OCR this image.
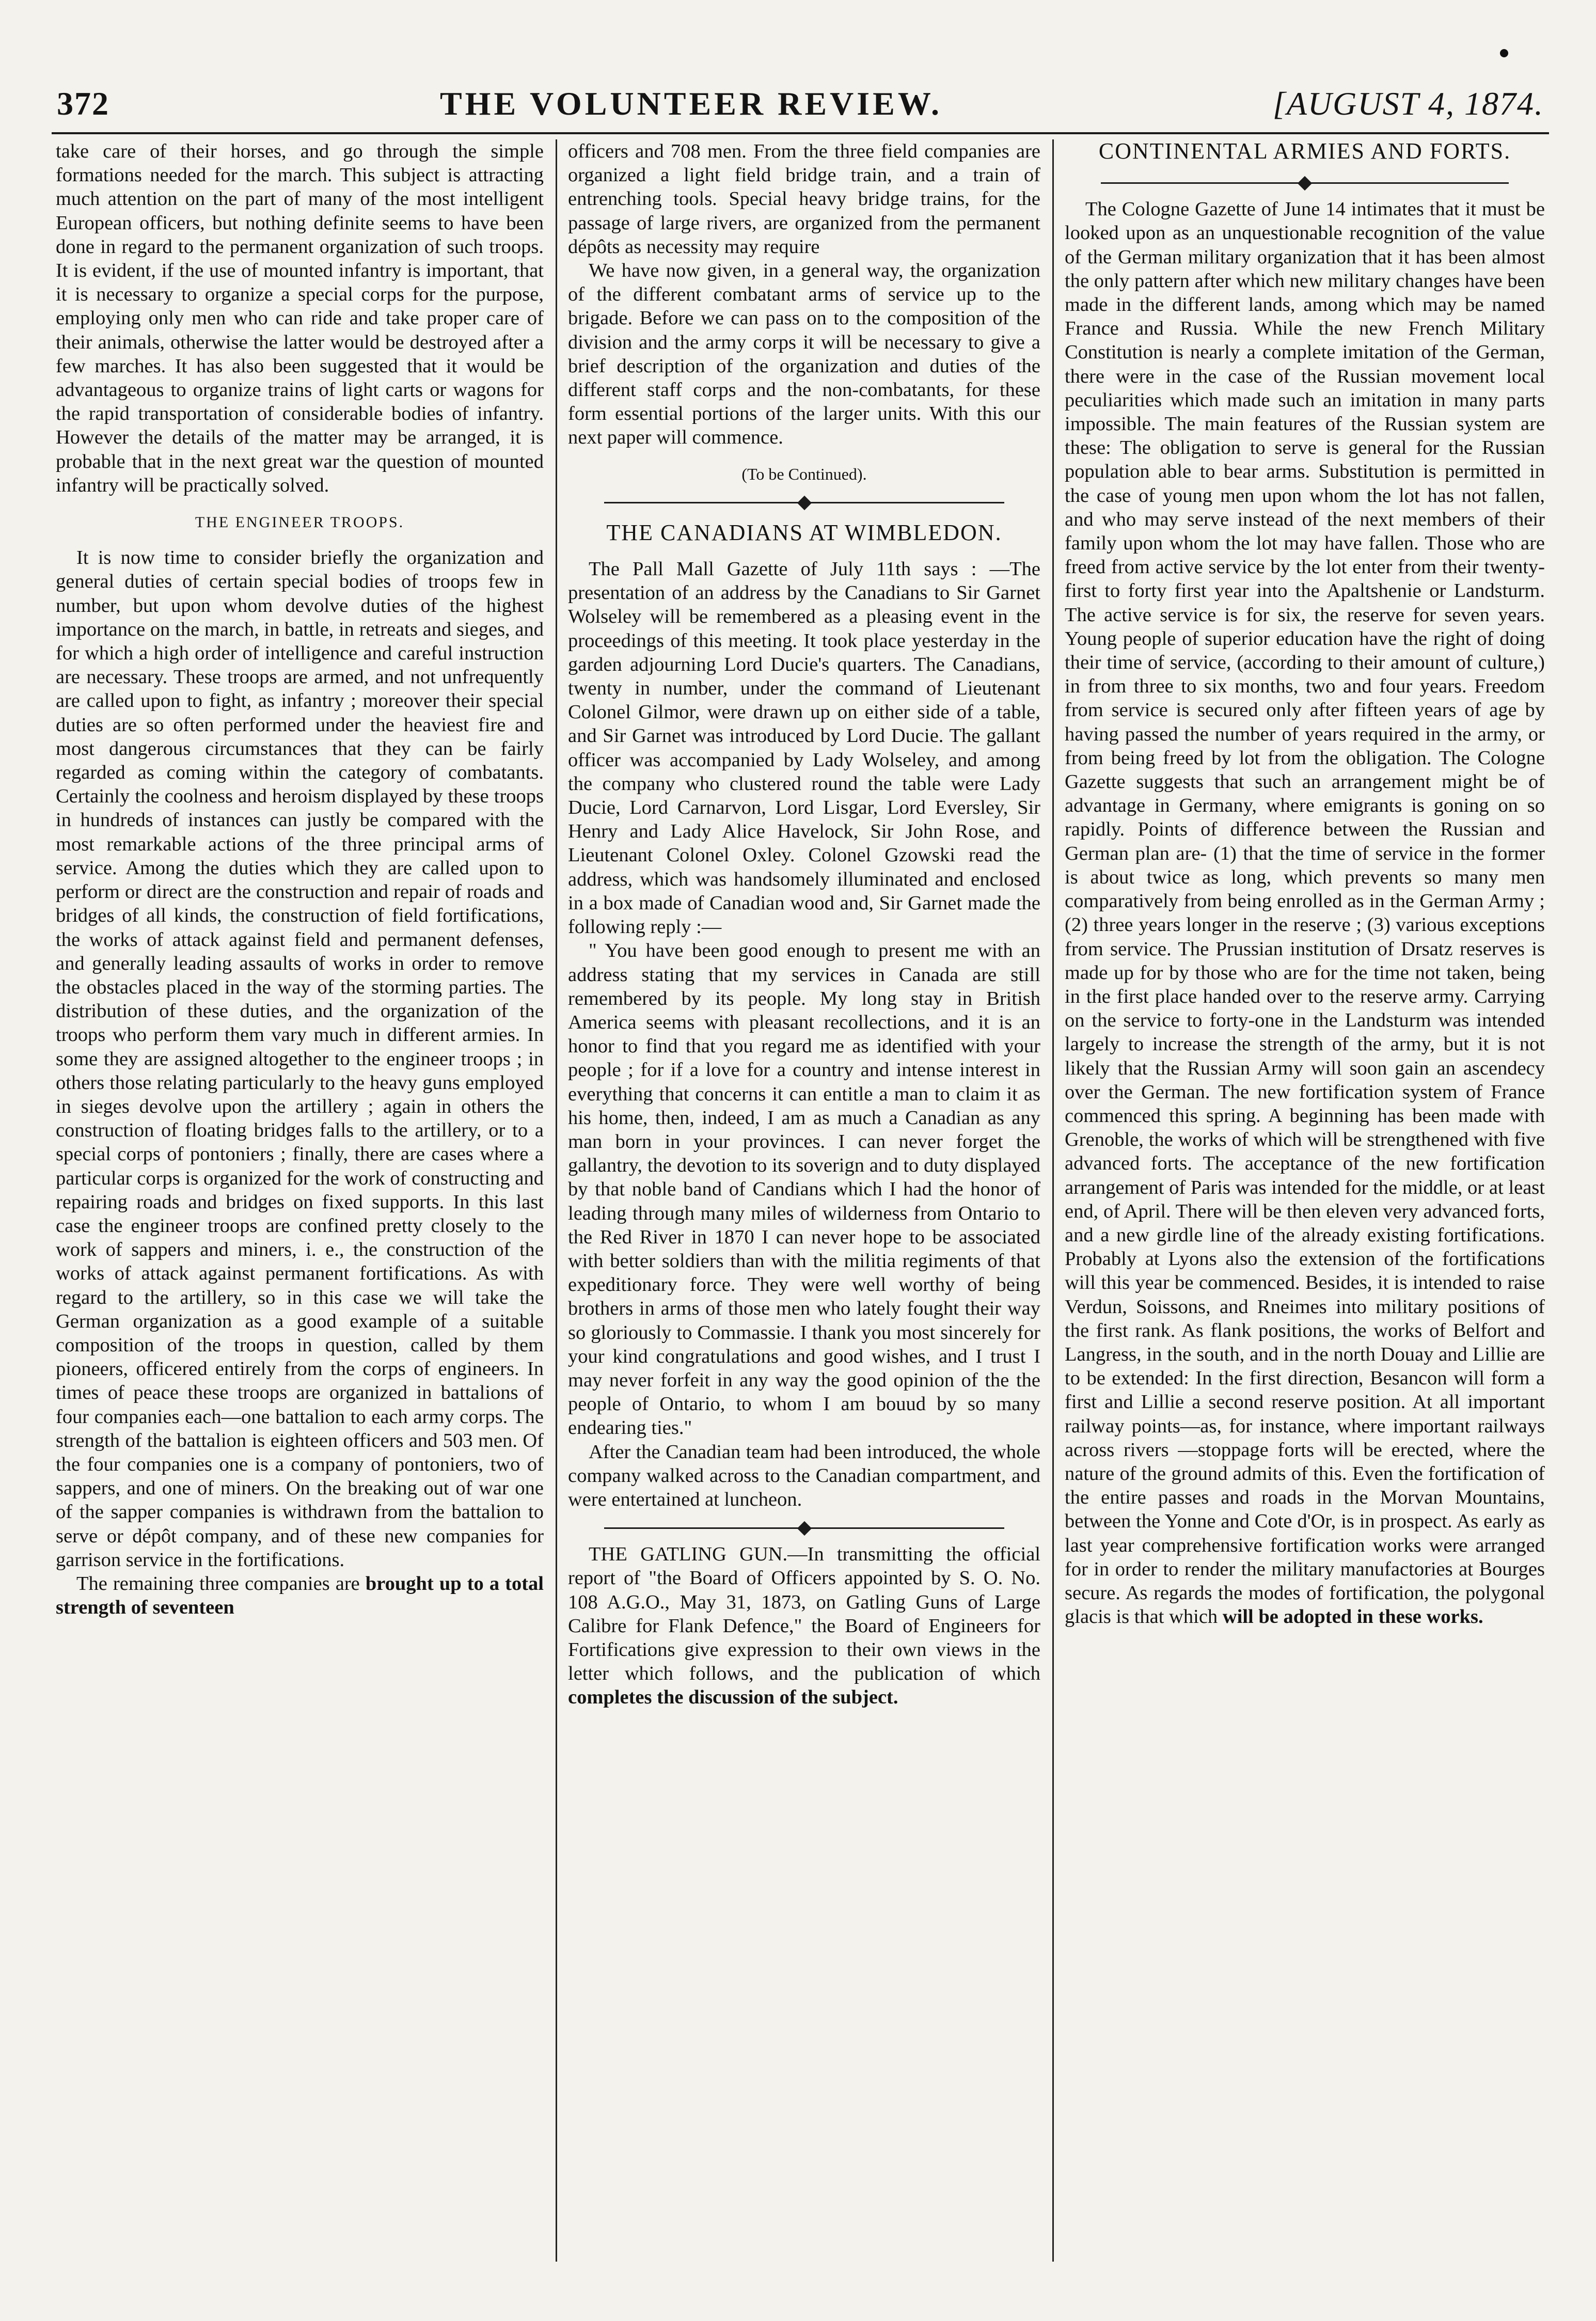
372	THE VOLUNTEER REVIEW.	[AUGUST 4, 1874.

take care of their horses, and go through the simple formations needed for the march. This subject is attracting much attention on the part of many of the most intelligent European officers, but nothing definite seems to have been done in regard to the permanent organization of such troops. It is evident, if the use of mounted infantry is important, that it is necessary to organize a special corps for the purpose, employing only men who can ride and take proper care of their animals, otherwise the latter would be destroyed after a few marches. It has also been suggested that it would be advantageous to organize trains of light carts or wagons for the rapid transportation of considerable bodies of infantry. However the details of the matter may be arranged, it is probable that in the next great war the question of mounted infantry will be practically solved.

THE ENGINEER TROOPS.

It is now time to consider briefly the organization and general duties of certain special bodies of troops few in number, but upon whom devolve duties of the highest importance on the march, in battle, in retreats and sieges, and for which a high order of intelligence and careful instruction are necessary. These troops are armed, and not unfrequently are called upon to fight, as infantry ; moreover their special duties are so often performed under the heaviest fire and most dangerous circumstances that they can be fairly regarded as coming within the category of combatants. Certainly the coolness and heroism displayed by these troops in hundreds of instances can justly be compared with the most remarkable actions of the three principal arms of service. Among the duties which they are called upon to perform or direct are the construction and repair of roads and bridges of all kinds, the construction of field fortifications, the works of attack against field and permanent defenses, and generally leading assaults of works in order to remove the obstacles placed in the way of the storming parties. The distribution of these duties, and the organization of the troops who perform them vary much in different armies. In some they are assigned altogether to the engineer troops ; in others those relating particularly to the heavy guns employed in sieges devolve upon the artillery ; again in others the construction of floating bridges falls to the artillery, or to a special corps of pontoniers ; finally, there are cases where a particular corps is organized for the work of constructing and repairing roads and bridges on fixed supports. In this last case the engineer troops are confined pretty closely to the work of sappers and miners, i. e., the construction of the works of attack against permanent fortifications. As with regard to the artillery, so in this case we will take the German organization as a good example of a suitable composition of the troops in question, called by them pioneers, officered entirely from the corps of engineers. In times of peace these troops are organized in battalions of four companies each—one battalion to each army corps. The strength of the battalion is eighteen officers and 503 men. Of the four companies one is a company of pontoniers, two of sappers, and one of miners. On the breaking out of war one of the sapper companies is withdrawn from the battalion to serve or dépôt company, and of these new companies for garrison service in the fortifications.

The remaining three companies are brought up to a total strength of seventeen

officers and 708 men. From the three field companies are organized a light field bridge train, and a train of entrenching tools. Special heavy bridge trains, for the passage of large rivers, are organized from the permanent dépôts as necessity may require

We have now given, in a general way, the organization of the different combatant arms of service up to the brigade. Before we can pass on to the composition of the division and the army corps it will be necessary to give a brief description of the organization and duties of the different staff corps and the non-combatants, for these form essential portions of the larger units. With this our next paper will commence.

(To be Continued).
THE CANADIANS AT WIMBLEDON.

The Pall Mall Gazette of July 11th says : —The presentation of an address by the Canadians to Sir Garnet Wolseley will be remembered as a pleasing event in the proceedings of this meeting. It took place yesterday in the garden adjourning Lord Ducie's quarters. The Canadians, twenty in number, under the command of Lieutenant Colonel Gilmor, were drawn up on either side of a table, and Sir Garnet was introduced by Lord Ducie. The gallant officer was accompanied by Lady Wolseley, and among the company who clustered round the table were Lady Ducie, Lord Carnarvon, Lord Lisgar, Lord Eversley, Sir Henry and Lady Alice Havelock, Sir John Rose, and Lieutenant Colonel Oxley. Colonel Gzowski read the address, which was handsomely illuminated and enclosed in a box made of Canadian wood and, Sir Garnet made the following reply :—

" You have been good enough to present me with an address stating that my services in Canada are still remembered by its people. My long stay in British America seems with pleasant recollections, and it is an honor to find that you regard me as identified with your people ; for if a love for a country and intense interest in everything that concerns it can entitle a man to claim it as his home, then, indeed, I am as much a Canadian as any man born in your provinces. I can never forget the gallantry, the devotion to its soverign and to duty displayed by that noble band of Candians which I had the honor of leading through many miles of wilderness from Ontario to the Red River in 1870 I can never hope to be associated with better soldiers than with the militia regiments of that expeditionary force. They were well worthy of being brothers in arms of those men who lately fought their way so gloriously to Commassie. I thank you most sincerely for your kind congratulations and good wishes, and I trust I may never forfeit in any way the good opinion of the the people of Ontario, to whom I am bouud by so many endearing ties."

After the Canadian team had been introduced, the whole company walked across to the Canadian compartment, and were entertained at luncheon.

THE GATLING GUN.—In transmitting the official report of "the Board of Officers appointed by S. O. No. 108 A.G.O., May 31, 1873, on Gatling Guns of Large Calibre for Flank Defence," the Board of Engineers for Fortifications give expression to their own views in the letter which follows, and the publication of which completes the discussion of the subject.

CONTINENTAL ARMIES AND FORTS.

The Cologne Gazette of June 14 intimates that it must be looked upon as an unquestionable recognition of the value of the German military organization that it has been almost the only pattern after which new military changes have been made in the different lands, among which may be named France and Russia. While the new French Military Constitution is nearly a complete imitation of the German, there were in the case of the Russian movement local peculiarities which made such an imitation in many parts impossible. The main features of the Russian system are these: The obligation to serve is general for the Russian population able to bear arms. Substitution is permitted in the case of young men upon whom the lot has not fallen, and who may serve instead of the next members of their family upon whom the lot may have fallen. Those who are freed from active service by the lot enter from their twenty-first to forty first year into the Apaltshenie or Landsturm. The active service is for six, the reserve for seven years. Young people of superior education have the right of doing their time of service, (according to their amount of culture,) in from three to six months, two and four years. Freedom from service is secured only after fifteen years of age by having passed the number of years required in the army, or from being freed by lot from the obligation. The Cologne Gazette suggests that such an arrangement might be of advantage in Germany, where emigrants is goning on so rapidly. Points of difference between the Russian and German plan are- (1) that the time of service in the former is about twice as long, which prevents so many men comparatively from being enrolled as in the German Army ; (2) three years longer in the reserve ; (3) various exceptions from service. The Prussian institution of Drsatz reserves is made up for by those who are for the time not taken, being in the first place handed over to the reserve army. Carrying on the service to forty-one in the Landsturm was intended largely to increase the strength of the army, but it is not likely that the Russian Army will soon gain an ascendecy over the German. The new fortification system of France commenced this spring. A beginning has been made with Grenoble, the works of which will be strengthened with five advanced forts. The acceptance of the new fortification arrangement of Paris was intended for the middle, or at least end, of April. There will be then eleven very advanced forts, and a new girdle line of the already existing fortifications. Probably at Lyons also the extension of the fortifications will this year be commenced. Besides, it is intended to raise Verdun, Soissons, and Rneimes into military positions of the first rank. As flank positions, the works of Belfort and Langress, in the south, and in the north Douay and Lillie are to be extended: In the first direction, Besancon will form a first and Lillie a second reserve position. At all important railway points—as, for instance, where important railways across rivers —stoppage forts will be erected, where the nature of the ground admits of this. Even the fortification of the entire passes and roads in the Morvan Mountains, between the Yonne and Cote d'Or, is in prospect. As early as last year comprehensive fortification works were arranged for in order to render the military manufactories at Bourges secure. As regards the modes of fortification, the polygonal glacis is that which will be adopted in these works.
